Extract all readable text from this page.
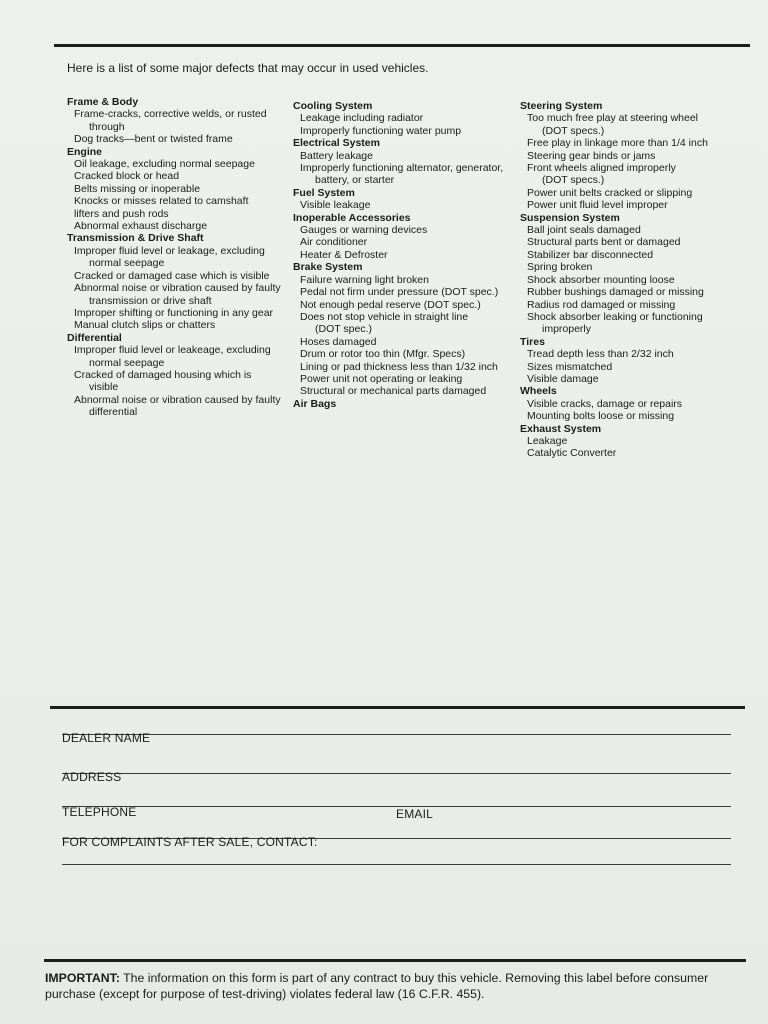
Here is a list of some major defects that may occur in used vehicles.
Frame & Body
Frame-cracks, corrective welds, or rusted
through
Dog tracks—bent or twisted frame
Engine
Oil leakage, excluding normal seepage
Cracked block or head
Belts missing or inoperable
Knocks or misses related to camshaft
lifters and push rods
Abnormal exhaust discharge
Transmission & Drive Shaft
Improper fluid level or leakage, excluding
normal seepage
Cracked or damaged case which is visible
Abnormal noise or vibration caused by faulty
transmission or drive shaft
Improper shifting or functioning in any gear
Manual clutch slips or chatters
Differential
Improper fluid level or leakeage, excluding
normal seepage
Cracked of damaged housing which is
visible
Abnormal noise or vibration caused by faulty
differential
Cooling System
Leakage including radiator
Improperly functioning water pump
Electrical System
Battery leakage
Improperly functioning alternator, generator,
battery, or starter
Fuel System
Visible leakage
Inoperable Accessories
Gauges or warning devices
Air conditioner
Heater & Defroster
Brake System
Failure warning light broken
Pedal not firm under pressure (DOT spec.)
Not enough pedal reserve (DOT spec.)
Does not stop vehicle in straight line
(DOT spec.)
Hoses damaged
Drum or rotor too thin (Mfgr. Specs)
Lining or pad thickness less than 1/32 inch
Power unit not operating or leaking
Structural or mechanical parts damaged
Air Bags
Steering System
Too much free play at steering wheel
(DOT specs.)
Free play in linkage more than 1/4 inch
Steering gear binds or jams
Front wheels aligned improperly
(DOT specs.)
Power unit belts cracked or slipping
Power unit fluid level improper
Suspension System
Ball joint seals damaged
Structural parts bent or damaged
Stabilizer bar disconnected
Spring broken
Shock absorber mounting loose
Rubber bushings damaged or missing
Radius rod damaged or missing
Shock absorber leaking or functioning
improperly
Tires
Tread depth less than 2/32 inch
Sizes mismatched
Visible damage
Wheels
Visible cracks, damage or repairs
Mounting bolts loose or missing
Exhaust System
Leakage
Catalytic Converter
DEALER NAME
ADDRESS
TELEPHONE	EMAIL
FOR COMPLAINTS AFTER SALE, CONTACT:
IMPORTANT: The information on this form is part of any contract to buy this vehicle. Removing this label before consumer purchase (except for purpose of test-driving) violates federal law (16 C.F.R. 455).
